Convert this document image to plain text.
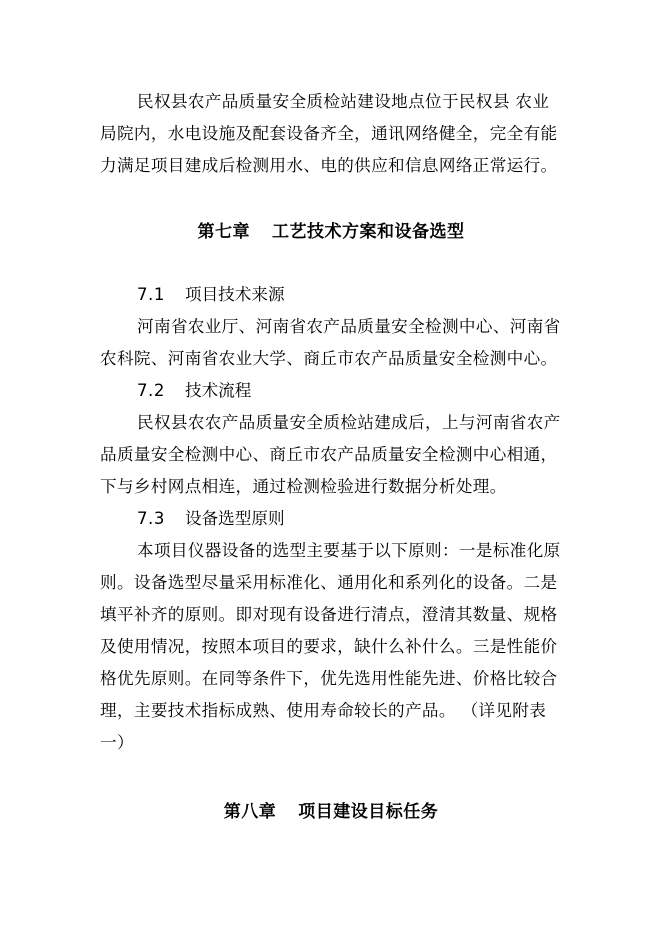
民权县农产品质量安全质检站建设地点位于民权县 农业
局院内，水电设施及配套设备齐全，通讯网络健全，完全有能
力满足项目建成后检测用水、电的供应和信息网络正常运行。
第七章 工艺技术方案和设备选型
7.1 项目技术来源
河南省农业厅、河南省农产品质量安全检测中心、河南省
农科院、河南省农业大学、商丘市农产品质量安全检测中心。
7.2 技术流程
民权县农农产品质量安全质检站建成后，上与河南省农产
品质量安全检测中心、商丘市农产品质量安全检测中心相通，
下与乡村网点相连，通过检测检验进行数据分析处理。
7.3 设备选型原则
本项目仪器设备的选型主要基于以下原则：一是标准化原
则。设备选型尽量采用标准化、通用化和系列化的设备。二是
填平补齐的原则。即对现有设备进行清点，澄清其数量、规格
及使用情况，按照本项目的要求，缺什么补什么。三是性能价
格优先原则。在同等条件下，优先选用性能先进、价格比较合
理，主要技术指标成熟、使用寿命较长的产品。 （详见附表
一）
第八章 项目建设目标任务
